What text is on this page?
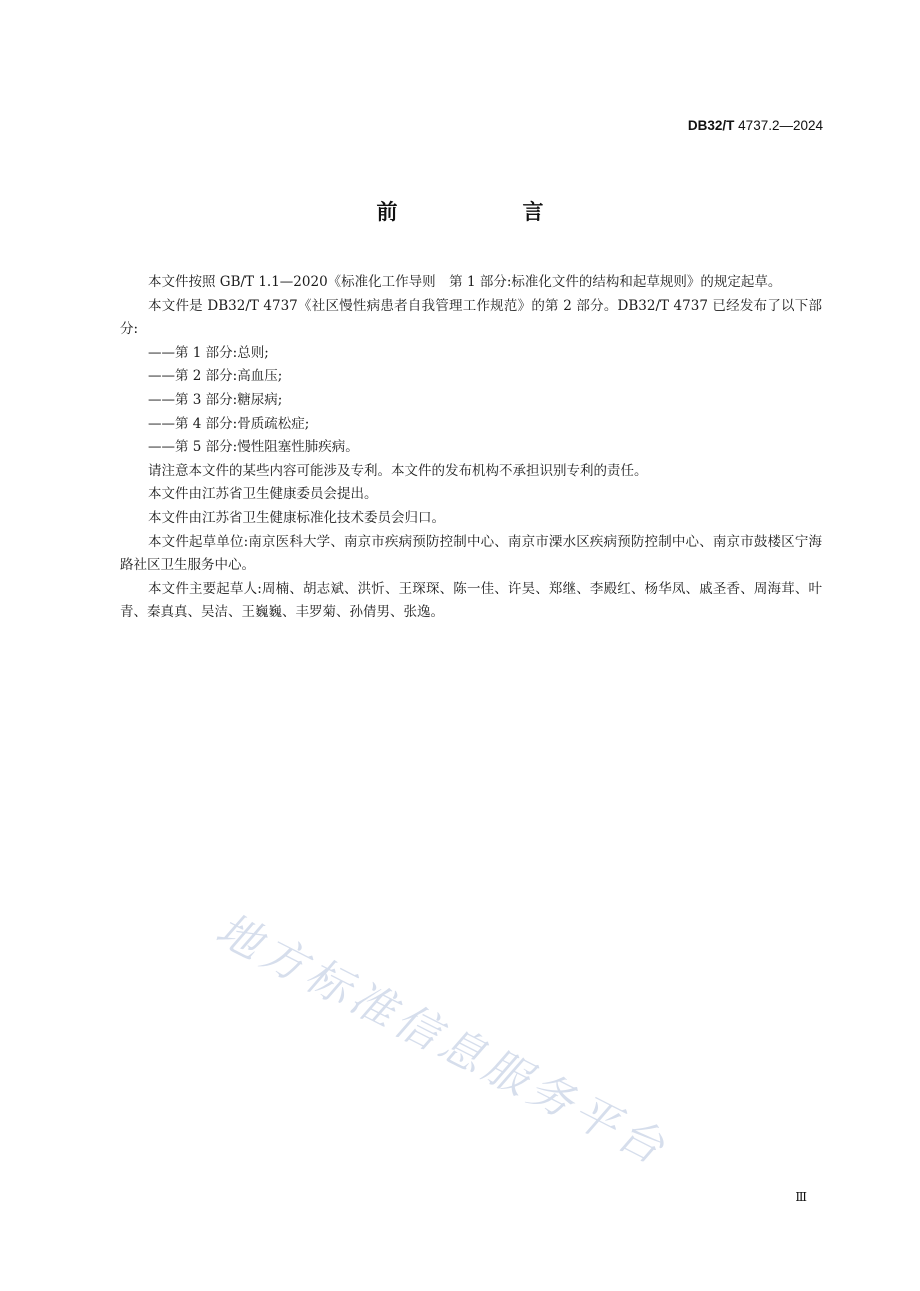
DB32/T 4737.2—2024
前　言

本文件按照 GB/T 1.1—2020《标准化工作导则　第 1 部分:标准化文件的结构和起草规则》的规定起草。

本文件是 DB32/T 4737《社区慢性病患者自我管理工作规范》的第 2 部分。DB32/T 4737 已经发布了以下部分:

——第 1 部分:总则;

——第 2 部分:高血压;

——第 3 部分:糖尿病;

——第 4 部分:骨质疏松症;

——第 5 部分:慢性阻塞性肺疾病。

请注意本文件的某些内容可能涉及专利。本文件的发布机构不承担识别专利的责任。

本文件由江苏省卫生健康委员会提出。

本文件由江苏省卫生健康标准化技术委员会归口。

本文件起草单位:南京医科大学、南京市疾病预防控制中心、南京市溧水区疾病预防控制中心、南京市鼓楼区宁海路社区卫生服务中心。

本文件主要起草人:周楠、胡志斌、洪忻、王琛琛、陈一佳、许昊、郑继、李殿红、杨华凤、戚圣香、周海茸、叶青、秦真真、吴洁、王巍巍、丰罗菊、孙倩男、张逸。

地方标准信息服务平台
Ⅲ
